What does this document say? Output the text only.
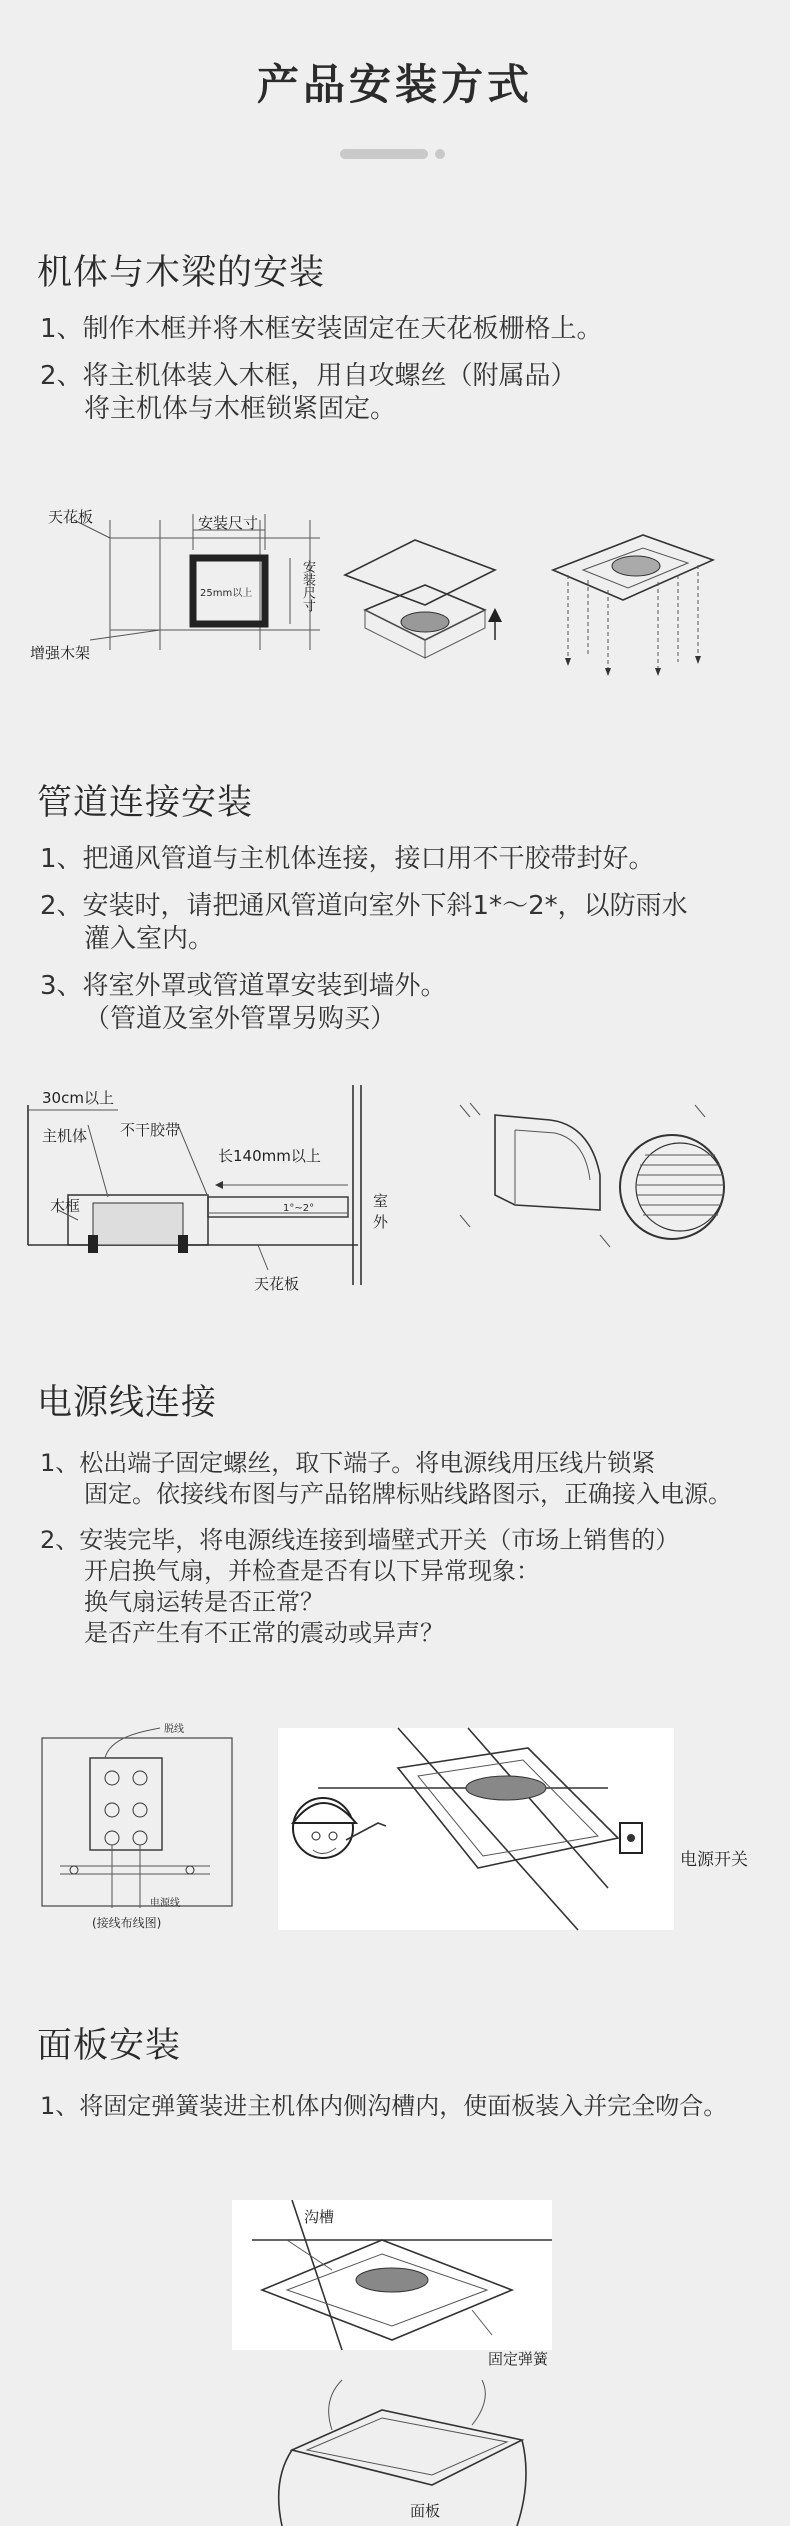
产品安装方式
机体与木梁的安装
1、制作木框并将木框安装固定在天花板栅格上。
2、将主机体装入木框，用自攻螺丝（附属品）
将主机体与木框锁紧固定。
天花板	安装尺寸
安装尺寸
25mm以上
增强木架
管道连接安装
1、把通风管道与主机体连接，接口用不干胶带封好。
2、安装时，请把通风管道向室外下斜1*～2*，以防雨水
灌入室内。
3、将室外罩或管道罩安装到墙外。
（管道及室外管罩另购买）
30cm以上
主机体 不干胶带
长140mm以上
木框	1°~2°	室外
天花板
电源线连接
1、松出端子固定螺丝，取下端子。将电源线用压线片锁紧
固定。依接线布图与产品铭牌标贴线路图示，正确接入电源。
2、安装完毕，将电源线连接到墙壁式开关（市场上销售的）
开启换气扇，并检查是否有以下异常现象：
换气扇运转是否正常？
是否产生有不正常的震动或异声？
脱线
电源线
(接线布线图)
电源开关
面板安装
1、将固定弹簧装进主机体内侧沟槽内，使面板装入并完全吻合。
沟槽
固定弹簧
面板
